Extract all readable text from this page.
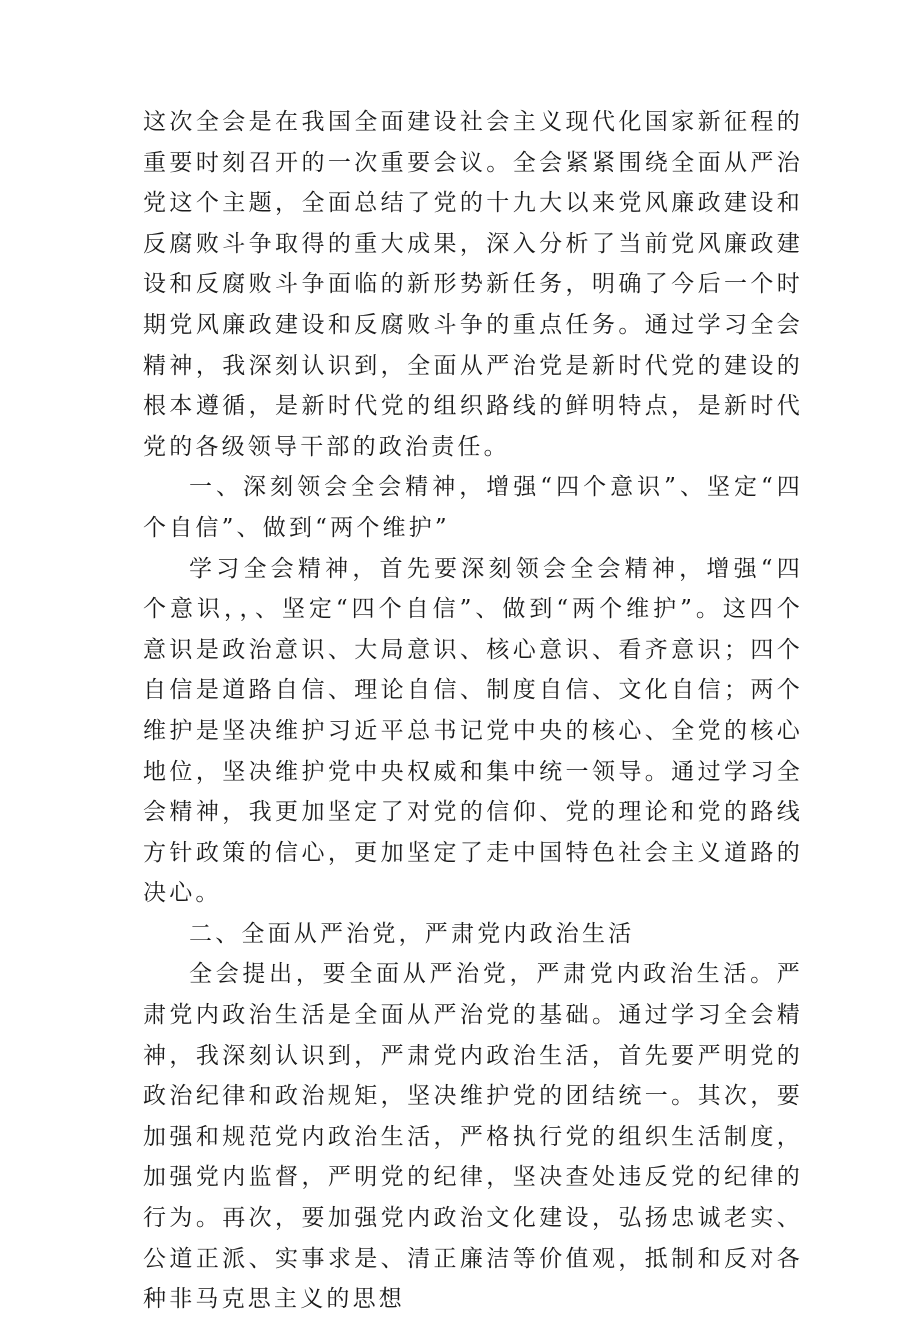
这次全会是在我国全面建设社会主义现代化国家新征程的重要时刻召开的一次重要会议。全会紧紧围绕全面从严治党这个主题，全面总结了党的十九大以来党风廉政建设和反腐败斗争取得的重大成果，深入分析了当前党风廉政建设和反腐败斗争面临的新形势新任务，明确了今后一个时期党风廉政建设和反腐败斗争的重点任务。通过学习全会精神，我深刻认识到，全面从严治党是新时代党的建设的根本遵循，是新时代党的组织路线的鲜明特点，是新时代党的各级领导干部的政治责任。

一、深刻领会全会精神，增强“四个意识”、坚定“四个自信”、做到“两个维护”

学习全会精神，首先要深刻领会全会精神，增强“四个意识，，、坚定“四个自信”、做到“两个维护”。这四个意识是政治意识、大局意识、核心意识、看齐意识；四个自信是道路自信、理论自信、制度自信、文化自信；两个维护是坚决维护习近平总书记党中央的核心、全党的核心地位，坚决维护党中央权威和集中统一领导。通过学习全会精神，我更加坚定了对党的信仰、党的理论和党的路线方针政策的信心，更加坚定了走中国特色社会主义道路的决心。

二、全面从严治党，严肃党内政治生活

全会提出，要全面从严治党，严肃党内政治生活。严肃党内政治生活是全面从严治党的基础。通过学习全会精神，我深刻认识到，严肃党内政治生活，首先要严明党的政治纪律和政治规矩，坚决维护党的团结统一。其次，要加强和规范党内政治生活，严格执行党的组织生活制度，加强党内监督，严明党的纪律，坚决查处违反党的纪律的行为。再次，要加强党内政治文化建设，弘扬忠诚老实、公道正派、实事求是、清正廉洁等价值观，抵制和反对各种非马克思主义的思想
